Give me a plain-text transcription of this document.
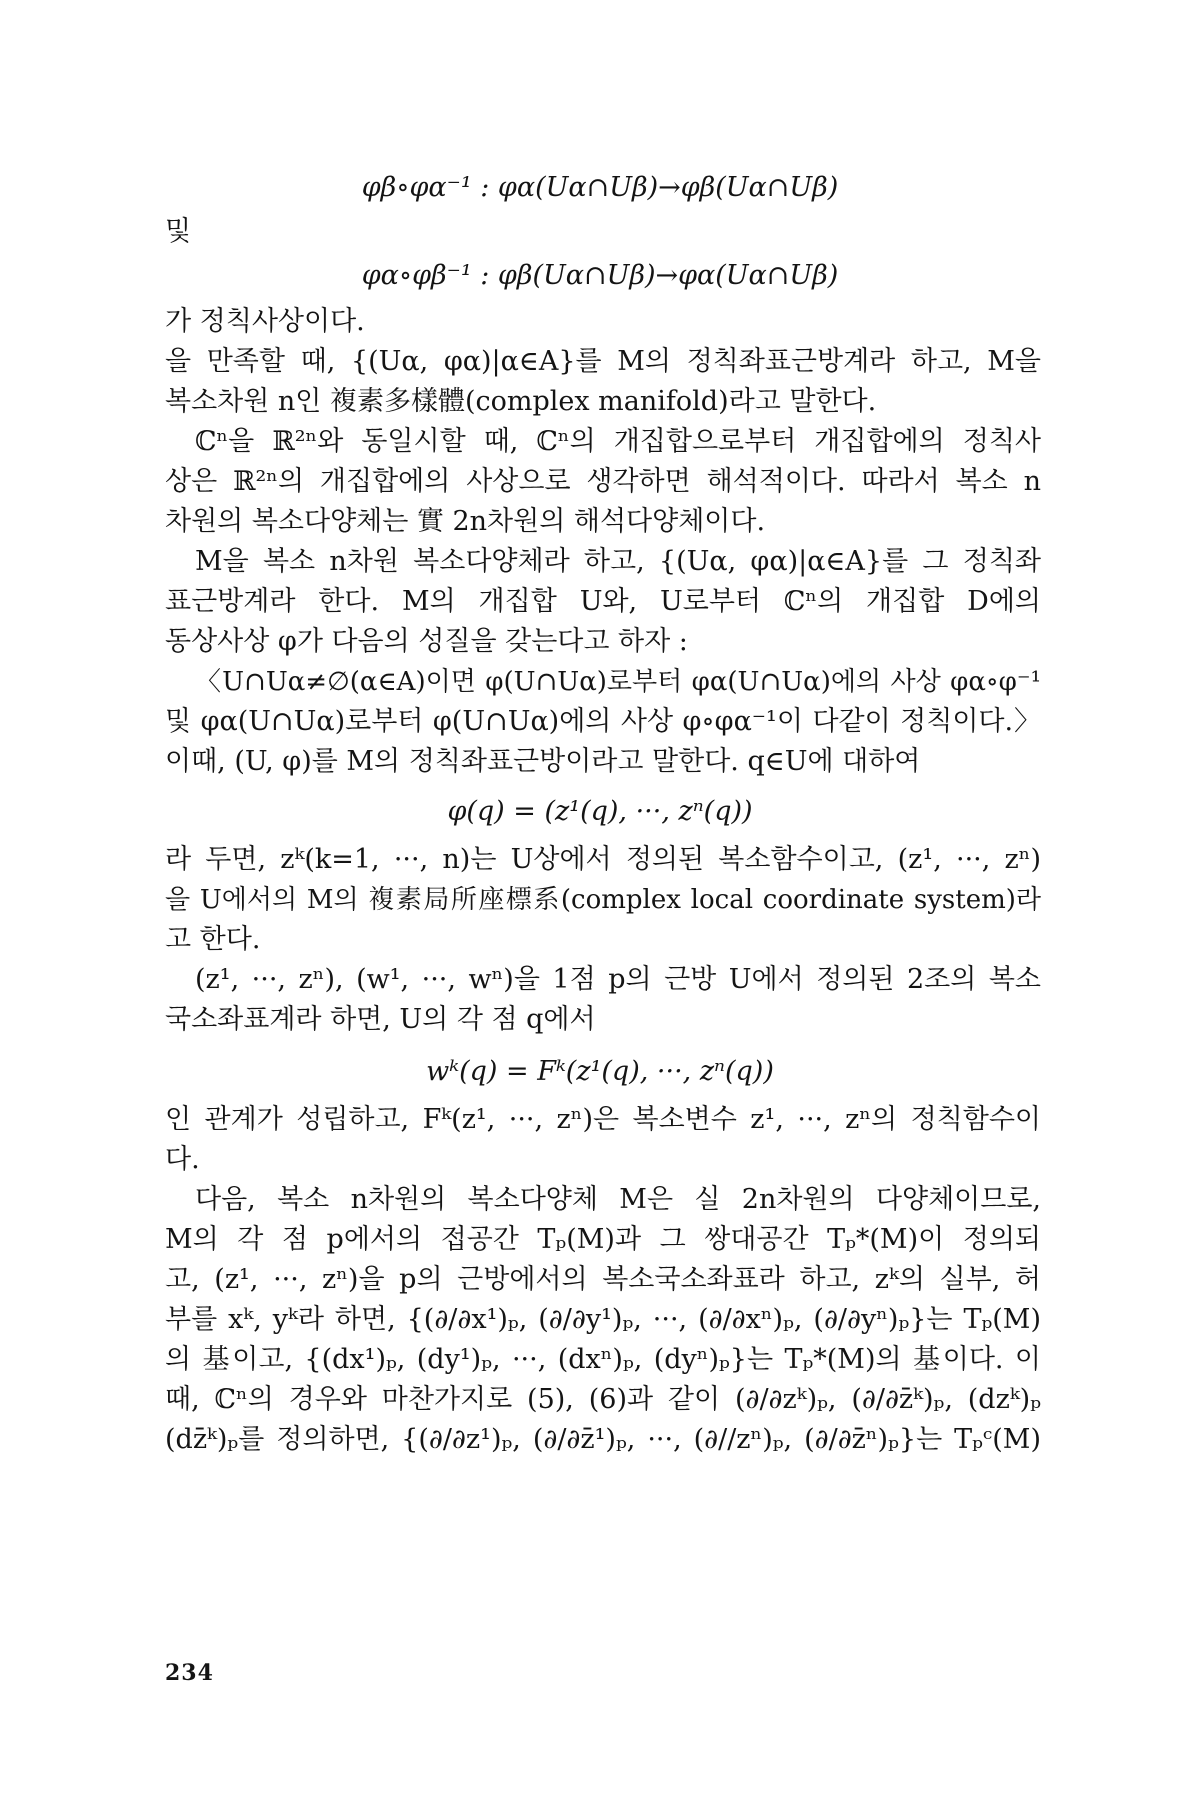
φβ∘φα⁻¹ : φα(Uα∩Uβ)→φβ(Uα∩Uβ)
및
φα∘φβ⁻¹ : φβ(Uα∩Uβ)→φα(Uα∩Uβ)
가 정칙사상이다.
을 만족할 때, {(Uα, φα)|α∈A}를 M의 정칙좌표근방계라 하고, M을
복소차원 n인 複素多樣體(complex manifold)라고 말한다.
ℂⁿ을 ℝ²ⁿ와 동일시할 때, ℂⁿ의 개집합으로부터 개집합에의 정칙사
상은 ℝ²ⁿ의 개집합에의 사상으로 생각하면 해석적이다. 따라서 복소 n
차원의 복소다양체는 實 2n차원의 해석다양체이다.
M을 복소 n차원 복소다양체라 하고, {(Uα, φα)|α∈A}를 그 정칙좌
표근방계라 한다. M의 개집합 U와, U로부터 ℂⁿ의 개집합 D에의
동상사상 φ가 다음의 성질을 갖는다고 하자 :
〈U∩Uα≠∅(α∈A)이면 φ(U∩Uα)로부터 φα(U∩Uα)에의 사상 φα∘φ⁻¹
및 φα(U∩Uα)로부터 φ(U∩Uα)에의 사상 φ∘φα⁻¹이 다같이 정칙이다.〉
이때, (U, φ)를 M의 정칙좌표근방이라고 말한다. q∈U에 대하여
φ(q) = (z¹(q), ···, zⁿ(q))
라 두면, zᵏ(k=1, ···, n)는 U상에서 정의된 복소함수이고, (z¹, ···, zⁿ)
을 U에서의 M의 複素局所座標系(complex local coordinate system)라
고 한다.
(z¹, ···, zⁿ), (w¹, ···, wⁿ)을 1점 p의 근방 U에서 정의된 2조의 복소
국소좌표계라 하면, U의 각 점 q에서
wᵏ(q) = Fᵏ(z¹(q), ···, zⁿ(q))
인 관계가 성립하고, Fᵏ(z¹, ···, zⁿ)은 복소변수 z¹, ···, zⁿ의 정칙함수이
다.
다음, 복소 n차원의 복소다양체 M은 실 2n차원의 다양체이므로,
M의 각 점 p에서의 접공간 Tₚ(M)과 그 쌍대공간 Tₚ*(M)이 정의되
고, (z¹, ···, zⁿ)을 p의 근방에서의 복소국소좌표라 하고, zᵏ의 실부, 허
부를 xᵏ, yᵏ라 하면, {(∂/∂x¹)ₚ, (∂/∂y¹)ₚ, ···, (∂/∂xⁿ)ₚ, (∂/∂yⁿ)ₚ}는 Tₚ(M)
의 基이고, {(dx¹)ₚ, (dy¹)ₚ, ···, (dxⁿ)ₚ, (dyⁿ)ₚ}는 Tₚ*(M)의 基이다. 이
때, ℂⁿ의 경우와 마찬가지로 (5), (6)과 같이 (∂/∂zᵏ)ₚ, (∂/∂z̄ᵏ)ₚ, (dzᵏ)ₚ
(dz̄ᵏ)ₚ를 정의하면, {(∂/∂z¹)ₚ, (∂/∂z̄¹)ₚ, ···, (∂//zⁿ)ₚ, (∂/∂z̄ⁿ)ₚ}는 Tₚᶜ(M)
234
